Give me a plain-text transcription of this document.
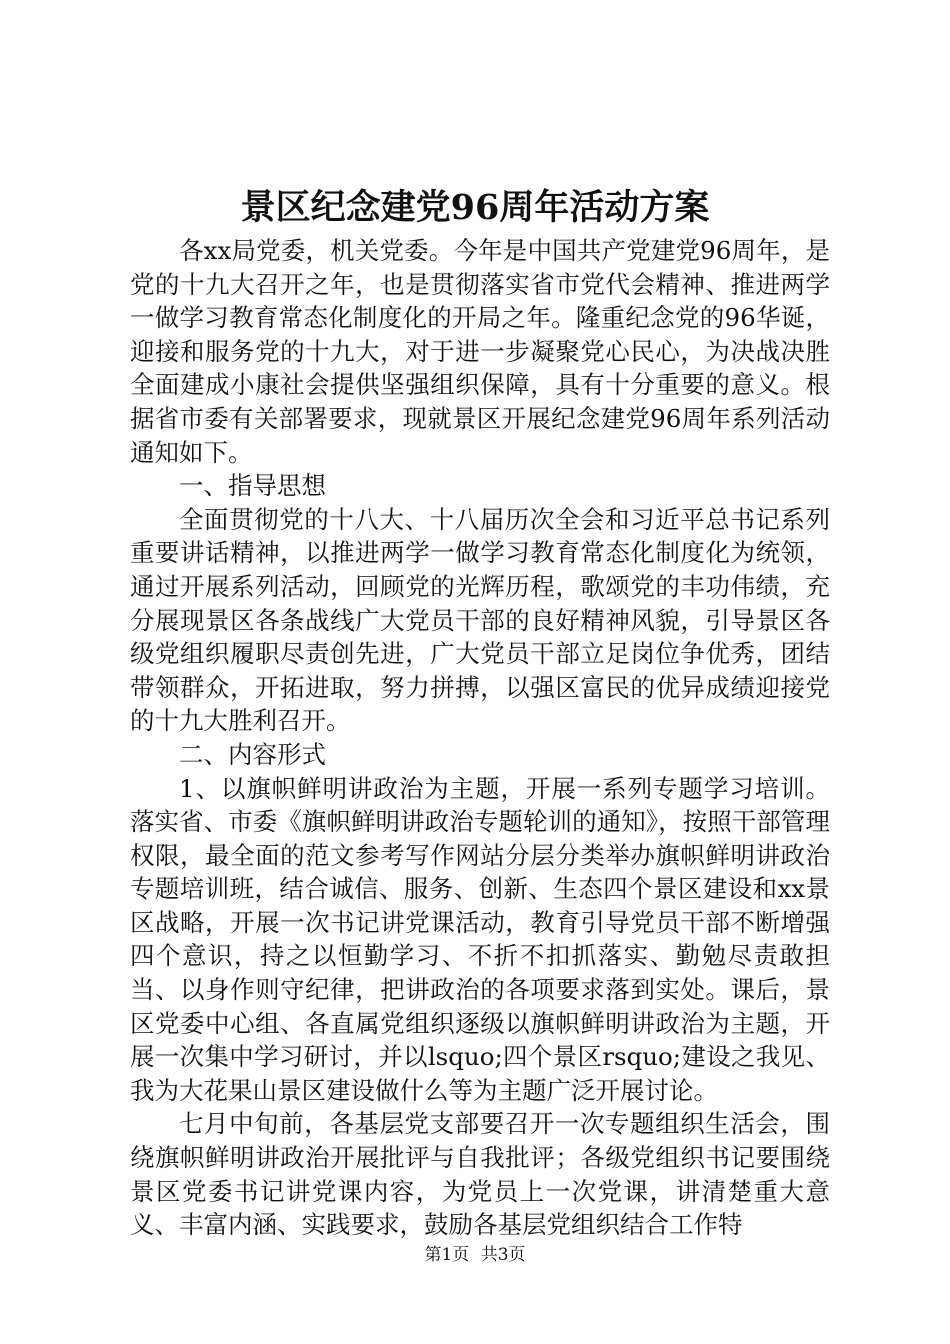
景区纪念建党96周年活动方案

各xx局党委，机关党委。今年是中国共产党建党96周年，是党的十九大召开之年，也是贯彻落实省市党代会精神、推进两学一做学习教育常态化制度化的开局之年。隆重纪念党的96华诞，迎接和服务党的十九大，对于进一步凝聚党心民心，为决战决胜全面建成小康社会提供坚强组织保障，具有十分重要的意义。根据省市委有关部署要求，现就景区开展纪念建党96周年系列活动通知如下。

一、指导思想

全面贯彻党的十八大、十八届历次全会和习近平总书记系列重要讲话精神，以推进两学一做学习教育常态化制度化为统领，通过开展系列活动，回顾党的光辉历程，歌颂党的丰功伟绩，充分展现景区各条战线广大党员干部的良好精神风貌，引导景区各级党组织履职尽责创先进，广大党员干部立足岗位争优秀，团结带领群众，开拓进取，努力拼搏，以强区富民的优异成绩迎接党的十九大胜利召开。

二、内容形式

1、以旗帜鲜明讲政治为主题，开展一系列专题学习培训。落实省、市委《旗帜鲜明讲政治专题轮训的通知》，按照干部管理权限，最全面的范文参考写作网站分层分类举办旗帜鲜明讲政治专题培训班，结合诚信、服务、创新、生态四个景区建设和xx景区战略，开展一次书记讲党课活动，教育引导党员干部不断增强四个意识，持之以恒勤学习、不折不扣抓落实、勤勉尽责敢担当、以身作则守纪律，把讲政治的各项要求落到实处。课后，景区党委中心组、各直属党组织逐级以旗帜鲜明讲政治为主题，开展一次集中学习研讨，并以lsquo;四个景区rsquo;建设之我见、我为大花果山景区建设做什么等为主题广泛开展讨论。

七月中旬前，各基层党支部要召开一次专题组织生活会，围绕旗帜鲜明讲政治开展批评与自我批评；各级党组织书记要围绕景区党委书记讲党课内容，为党员上一次党课，讲清楚重大意义、丰富内涵、实践要求，鼓励各基层党组织结合工作特

第1页 共3页
